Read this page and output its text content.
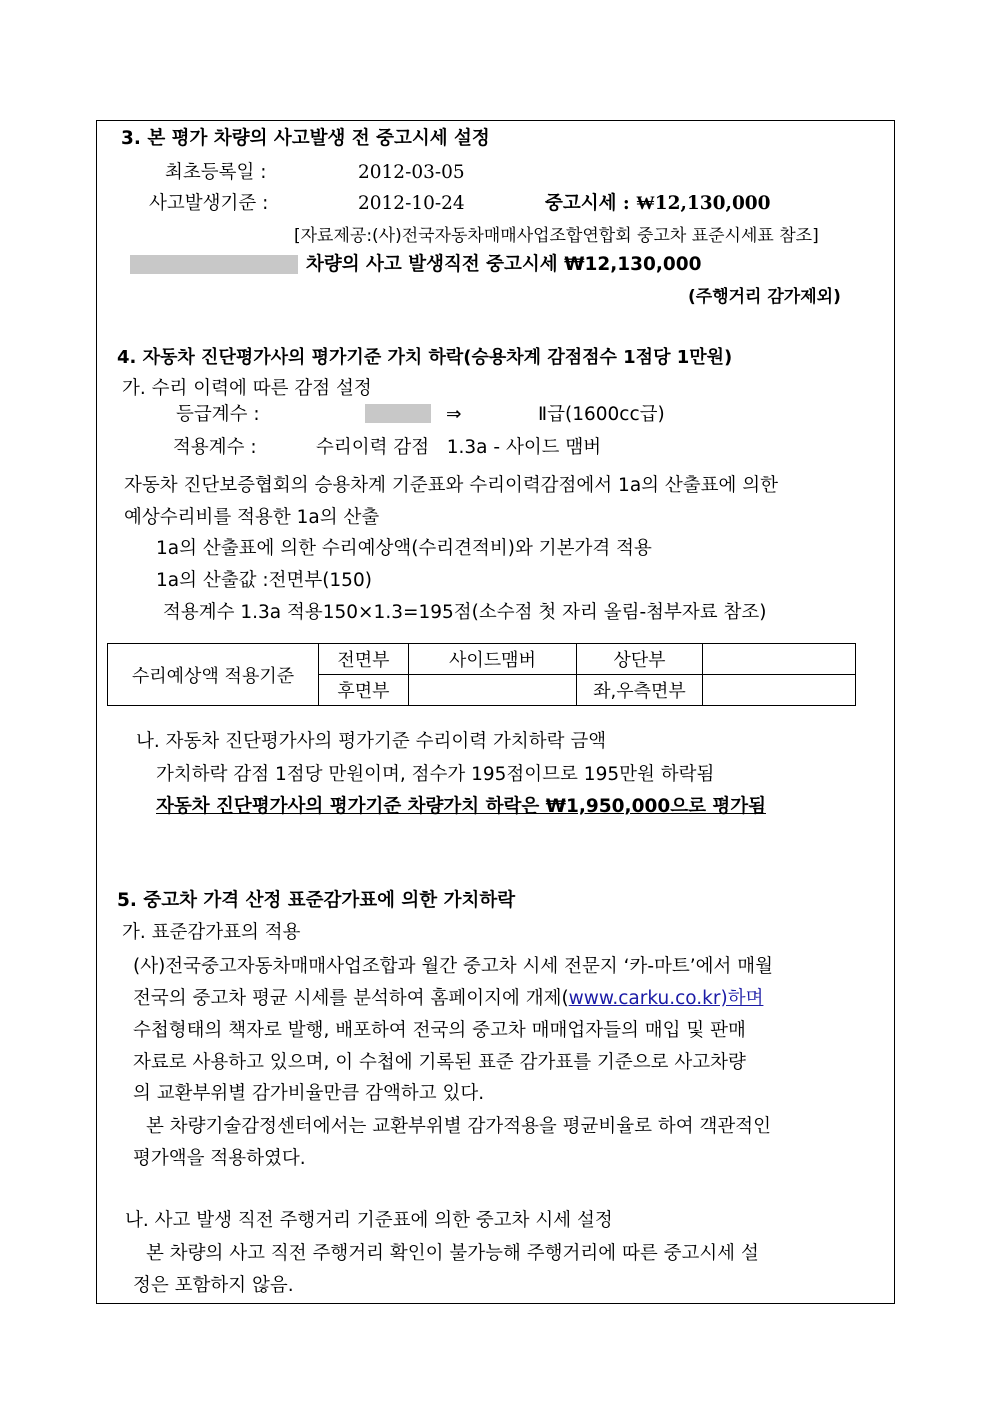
3. 본 평가 차량의 사고발생 전 중고시세 설정
최초등록일 :	2012-03-05
사고발생기준 :	2012-10-24	중고시세 : ₩12,130,000
[자료제공:(사)전국자동차매매사업조합연합회 중고차 표준시세표 참조]
차량의 사고 발생직전 중고시세 ₩12,130,000
(주행거리 감가제외)
4. 자동차 진단평가사의 평가기준 가치 하락(승용차계 감점점수 1점당 1만원)
가. 수리 이력에 따른 감점 설정
등급계수 :	⇒	Ⅱ급(1600cc급)
적용계수 :	수리이력 감점   1.3a - 사이드 맴버
자동차 진단보증협회의 승용차계 기준표와 수리이력감점에서 1a의 산출표에 의한
예상수리비를 적용한 1a의 산출
1a의 산출표에 의한 수리예상액(수리견적비)와 기본가격 적용
1a의 산출값 :전면부(150)
적용계수 1.3a 적용150×1.3=195점(소수점 첫 자리 올림-첨부자료 참조)
수리예상액 적용기준	전면부	사이드맴버	상단부	
	후면부		좌,우측면부	
나. 자동차 진단평가사의 평가기준 수리이력 가치하락 금액
가치하락 감점 1점당 만원이며, 점수가 195점이므로 195만원 하락됨
자동차 진단평가사의 평가기준 차량가치 하락은 ₩1,950,000으로 평가됨
5. 중고차 가격 산정 표준감가표에 의한 가치하락
가. 표준감가표의 적용
(사)전국중고자동차매매사업조합과 월간 중고차 시세 전문지 ‘카-마트’에서 매월
전국의 중고차 평균 시세를 분석하여 홈페이지에 개제(www.carku.co.kr)하며
수첩형태의 책자로 발행, 배포하여 전국의 중고차 매매업자들의 매입 및 판매
자료로 사용하고 있으며, 이 수첩에 기록된 표준 감가표를 기준으로 사고차량
의 교환부위별 감가비율만큼 감액하고 있다.
본 차량기술감정센터에서는 교환부위별 감가적용을 평균비율로 하여 객관적인
평가액을 적용하였다.
나. 사고 발생 직전 주행거리 기준표에 의한 중고차 시세 설정
본 차량의 사고 직전 주행거리 확인이 불가능해 주행거리에 따른 중고시세 설
정은 포함하지 않음.
